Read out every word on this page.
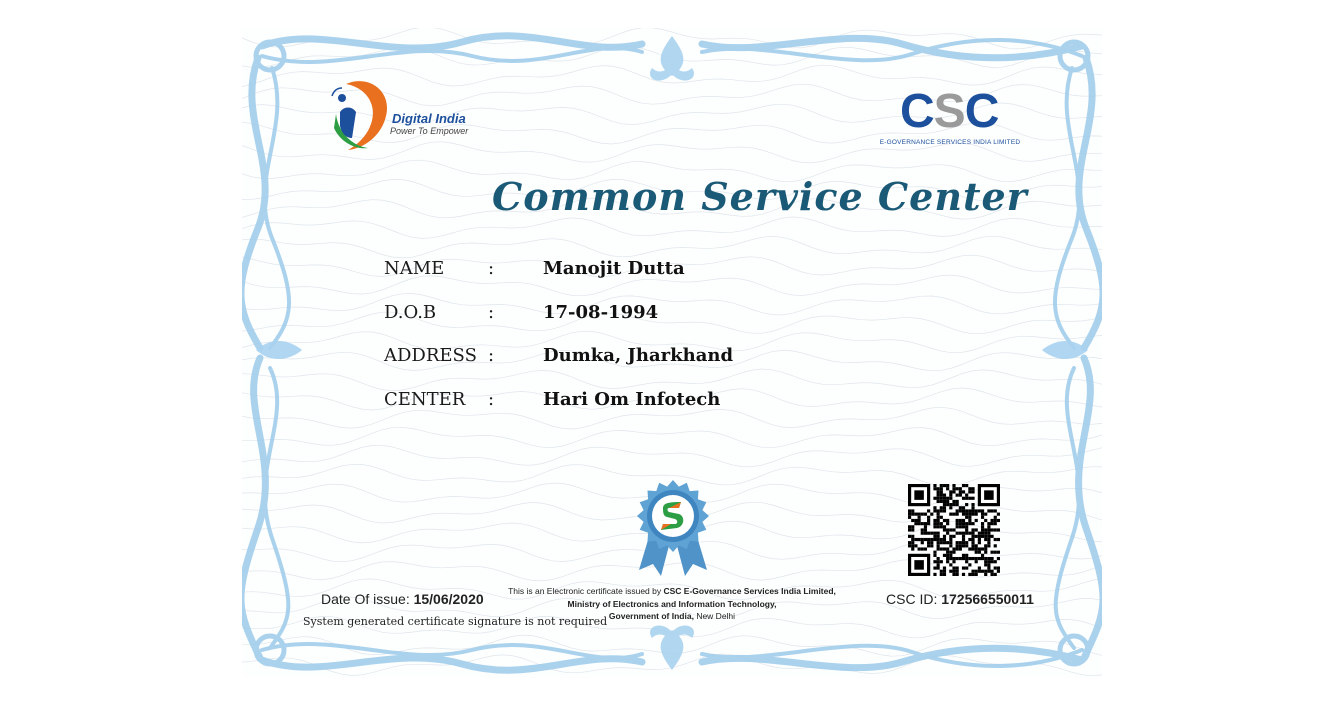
Digital India
Power To Empower	C S C
E-GOVERNANCE SERVICES INDIA LIMITED
Common Service Center
NAME :	Manojit Dutta
D.O.B	:	17-08-1994
ADDRESS :	Dumka, Jharkhand
CENTER :	Hari Om Infotech
Date Of issue: 15/06/2020
System generated certificate signature is not required
This is an Electronic certificate issued by CSC E-Governance Services India Limited,
Ministry of Electronics and Information Technology,
Government of India, New Delhi
CSC ID: 172566550011
